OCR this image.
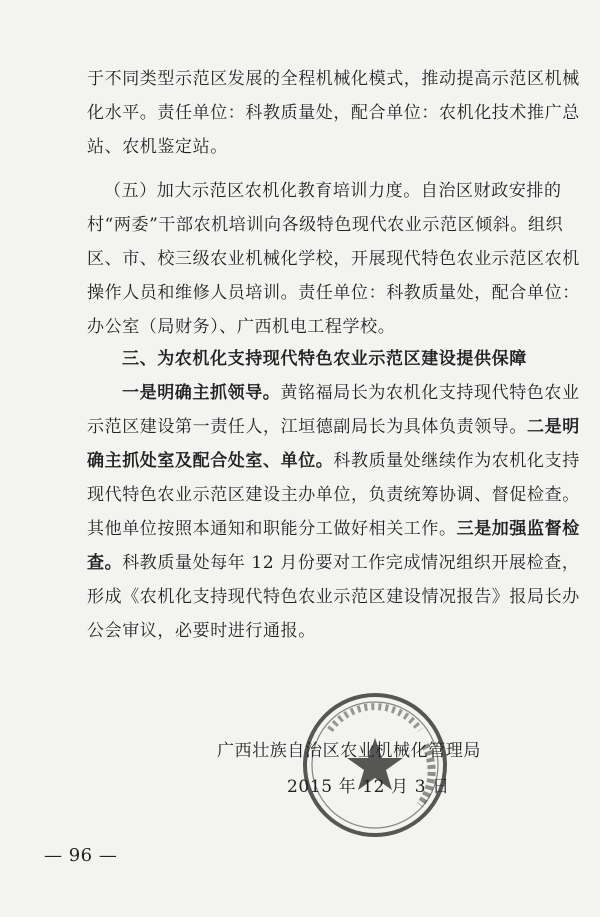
于不同类型示范区发展的全程机械化模式，推动提高示范区机械
化水平。责任单位：科教质量处，配合单位：农机化技术推广总
站、农机鉴定站。
（五）加大示范区农机化教育培训力度。自治区财政安排的
村“两委”干部农机培训向各级特色现代农业示范区倾斜。组织
区、市、校三级农业机械化学校，开展现代特色农业示范区农机
操作人员和维修人员培训。责任单位：科教质量处，配合单位：
办公室（局财务）、广西机电工程学校。
三、为农机化支持现代特色农业示范区建设提供保障
一是明确主抓领导。黄铭福局长为农机化支持现代特色农业
示范区建设第一责任人，江垣德副局长为具体负责领导。二是明
确主抓处室及配合处室、单位。科教质量处继续作为农机化支持
现代特色农业示范区建设主办单位，负责统筹协调、督促检查。
其他单位按照本通知和职能分工做好相关工作。三是加强监督检
查。科教质量处每年 12 月份要对工作完成情况组织开展检查，
形成《农机化支持现代特色农业示范区建设情况报告》报局长办
公会审议，必要时进行通报。
广西壮族自治区农业机械化管理局
2015 年 12 月 3 日
— 96 —
